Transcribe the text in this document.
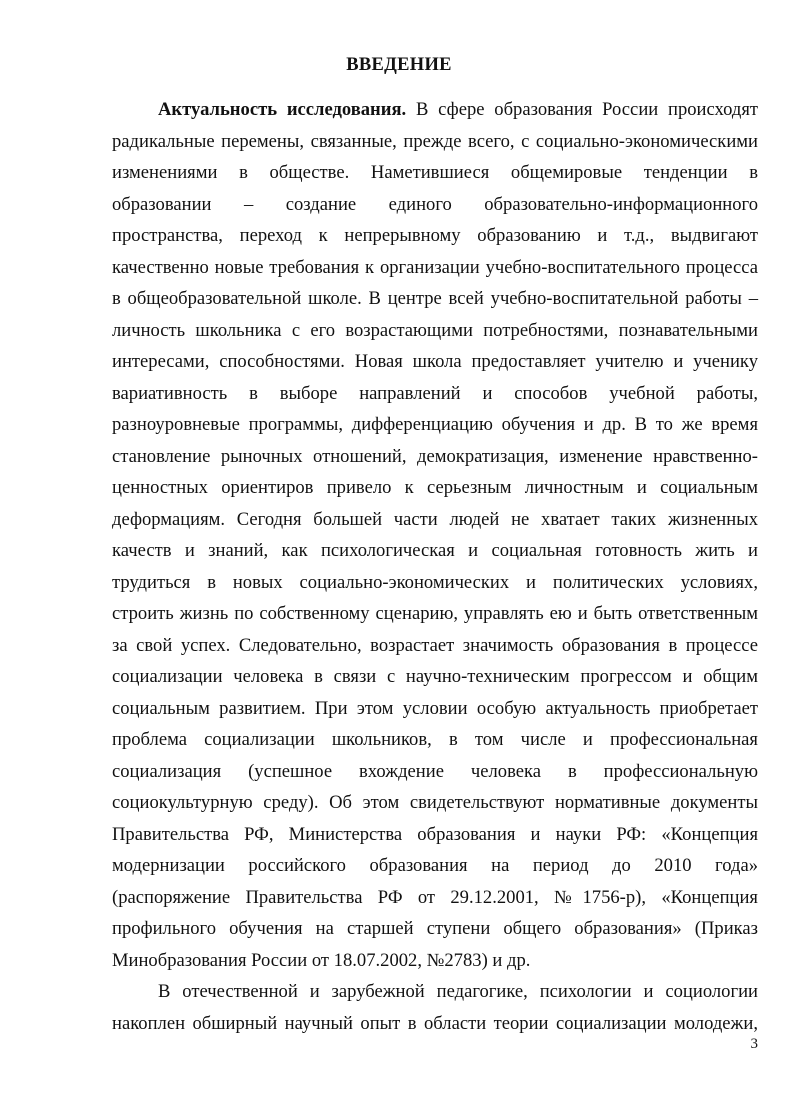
ВВЕДЕНИЕ
Актуальность исследования. В сфере образования России происходят
радикальные перемены, связанные, прежде всего, с социально-экономическими
изменениями в обществе. Наметившиеся общемировые тенденции в
образовании – создание единого образовательно-информационного
пространства, переход к непрерывному образованию и т.д., выдвигают
качественно новые требования к организации учебно-воспитательного процесса
в общеобразовательной школе. В центре всей учебно-воспитательной работы –
личность школьника с его возрастающими потребностями, познавательными
интересами, способностями. Новая школа предоставляет учителю и ученику
вариативность в выборе направлений и способов учебной работы,
разноуровневые программы, дифференциацию обучения и др. В то же время
становление рыночных отношений, демократизация, изменение нравственно-
ценностных ориентиров привело к серьезным личностным и социальным
деформациям. Сегодня большей части людей не хватает таких жизненных
качеств и знаний, как психологическая и социальная готовность жить и
трудиться в новых социально-экономических и политических условиях,
строить жизнь по собственному сценарию, управлять ею и быть ответственным
за свой успех. Следовательно, возрастает значимость образования в процессе
социализации человека в связи с научно-техническим прогрессом и общим
социальным развитием. При этом условии особую актуальность приобретает
проблема социализации школьников, в том числе и профессиональная
социализация (успешное вхождение человека в профессиональную
социокультурную среду). Об этом свидетельствуют нормативные документы
Правительства РФ, Министерства образования и науки РФ: «Концепция
модернизации российского образования на период до 2010 года»
(распоряжение Правительства РФ от 29.12.2001, №1756-р), «Концепция
профильного обучения на старшей ступени общего образования» (Приказ
Минобразования России от 18.07.2002, №2783) и др.
В отечественной и зарубежной педагогике, психологии и социологии
накоплен обширный научный опыт в области теории социализации молодежи,
3
